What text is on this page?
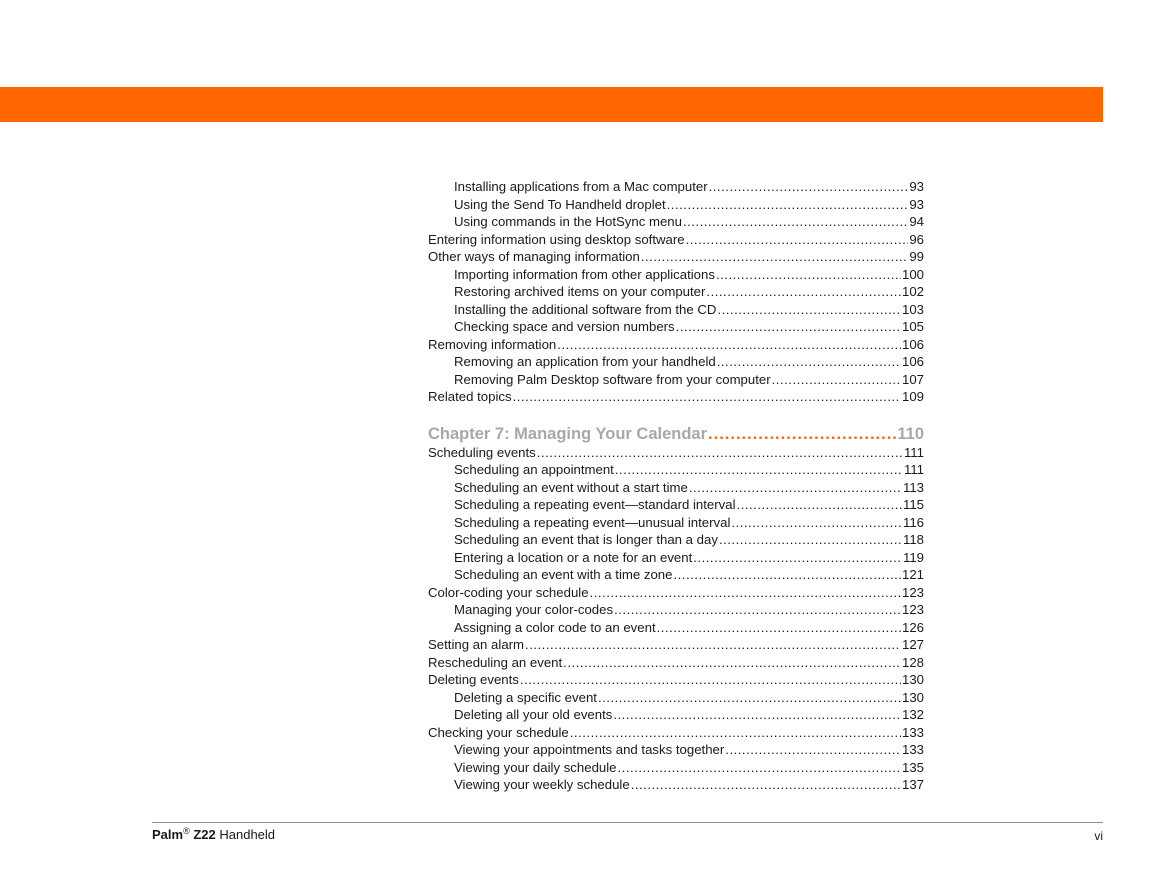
Installing applications from a Mac computer .....	93
Using the Send To Handheld droplet .....	93
Using commands in the HotSync menu .....	94
Entering information using desktop software .....	96
Other ways of managing information .....	99
Importing information from other applications .....	100
Restoring archived items on your computer .....	102
Installing the additional software from the CD .....	103
Checking space and version numbers .....	105
Removing information .....	106
Removing an application from your handheld .....	106
Removing Palm Desktop software from your computer .....	107
Related topics .....	109
Chapter 7: Managing Your Calendar .....	110
Scheduling events .....	111
Scheduling an appointment .....	111
Scheduling an event without a start time .....	113
Scheduling a repeating event—standard interval .....	115
Scheduling a repeating event—unusual interval .....	116
Scheduling an event that is longer than a day .....	118
Entering a location or a note for an event .....	119
Scheduling an event with a time zone .....	121
Color-coding your schedule .....	123
Managing your color-codes .....	123
Assigning a color code to an event .....	126
Setting an alarm .....	127
Rescheduling an event .....	128
Deleting events .....	130
Deleting a specific event .....	130
Deleting all your old events .....	132
Checking your schedule .....	133
Viewing your appointments and tasks together .....	133
Viewing your daily schedule .....	135
Viewing your weekly schedule .....	137
Palm® Z22 Handheld	vi
